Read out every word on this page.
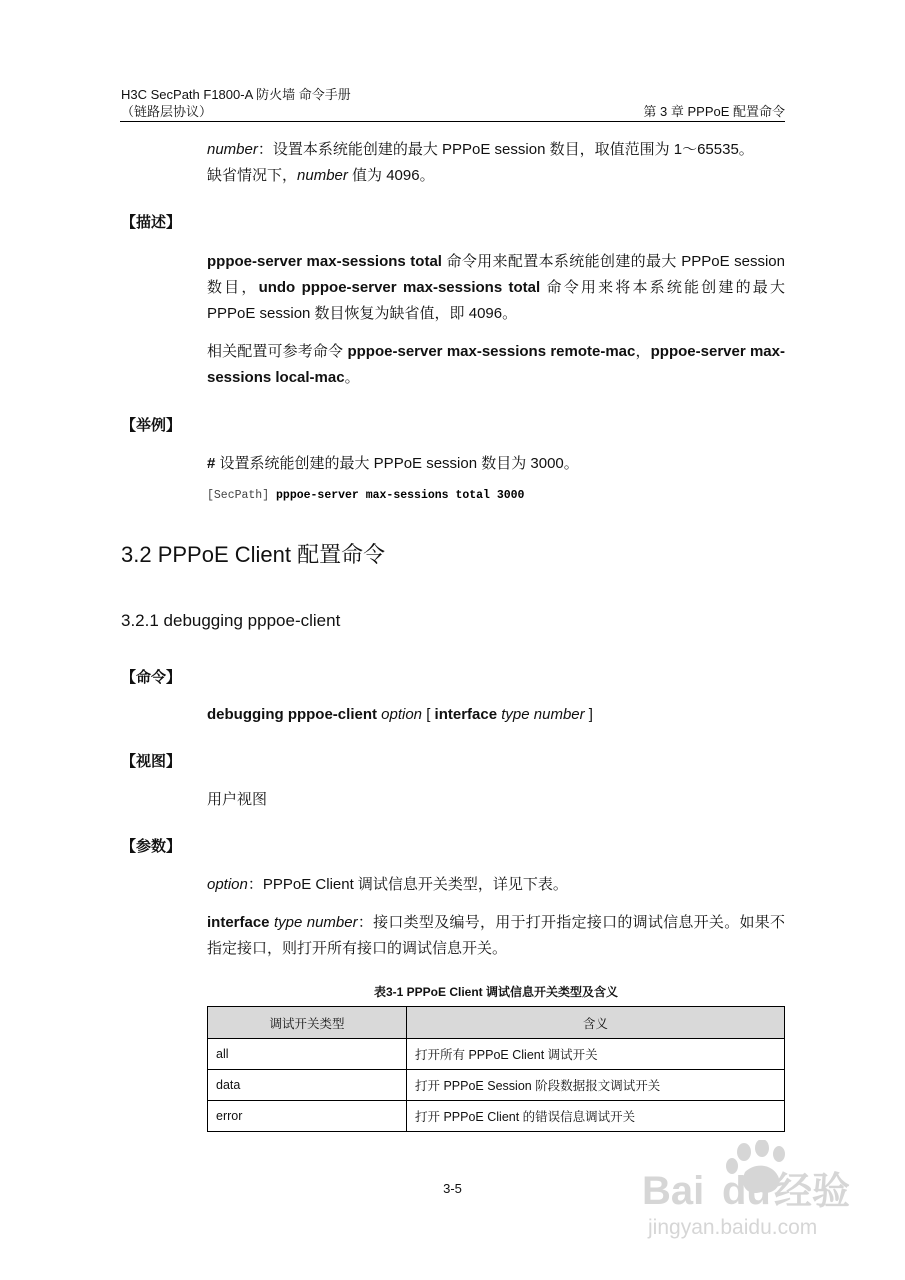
H3C SecPath F1800-A 防火墙 命令手册
（链路层协议）	第 3 章 PPPoE 配置命令
number：设置本系统能创建的最大 PPPoE session 数目，取值范围为 1～65535。
缺省情况下，number 值为 4096。
【描述】
pppoe-server max-sessions total 命令用来配置本系统能创建的最大 PPPoE session 数目，undo pppoe-server max-sessions total 命令用来将本系统能创建的最大 PPPoE session 数目恢复为缺省值，即 4096。
相关配置可参考命令 pppoe-server max-sessions remote-mac，pppoe-server max-sessions local-mac。
【举例】
# 设置系统能创建的最大 PPPoE session 数目为 3000。
[SecPath] pppoe-server max-sessions total 3000
3.2 PPPoE Client 配置命令
3.2.1 debugging pppoe-client
【命令】
debugging pppoe-client option [ interface type number ]
【视图】
用户视图
【参数】
option：PPPoE Client 调试信息开关类型，详见下表。
interface type number：接口类型及编号，用于打开指定接口的调试信息开关。如果不指定接口，则打开所有接口的调试信息开关。
表3-1 PPPoE Client 调试信息开关类型及含义
调试开关类型	含义
all	打开所有 PPPoE Client 调试开关
data	打开 PPPoE Session 阶段数据报文调试开关
error	打开 PPPoE Client 的错误信息调试开关
3-5	Bai du 经验
jingyan.baidu.com
